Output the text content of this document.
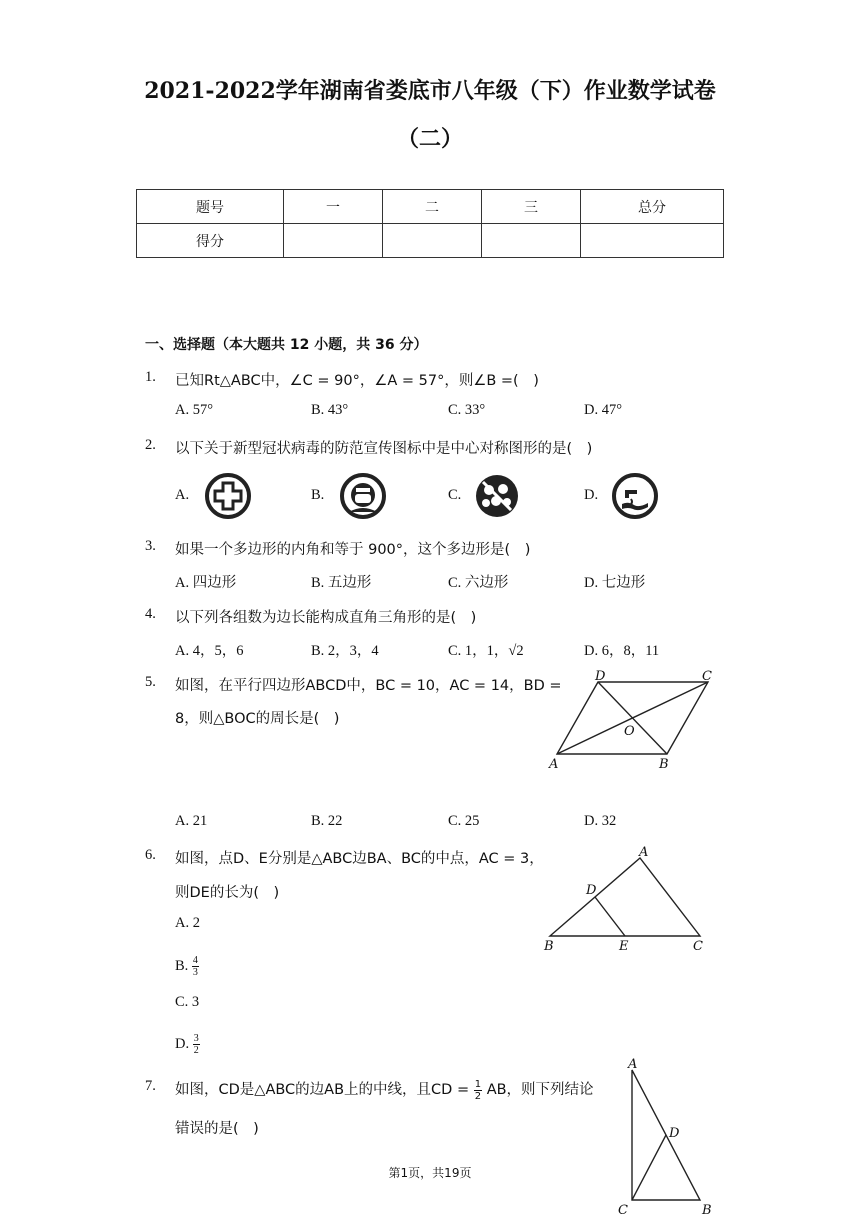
2021-2022学年湖南省娄底市八年级（下）作业数学试卷
（二）
题号	一	二	三	总分
得分				
一、选择题（本大题共 12 小题，共 36 分）
1. 已知Rt△ABC中，∠C = 90°，∠A = 57°，则∠B =(　)
A. 57°	B. 43°	C. 33°	D. 47°
2. 以下关于新型冠状病毒的防范宣传图标中是中心对称图形的是(　)
A.	B.	C.	D.
3. 如果一个多边形的内角和等于 900°，这个多边形是(　)
A. 四边形	B. 五边形	C. 六边形	D. 七边形
4. 以下列各组数为边长能构成直角三角形的是(　)
A. 4，5，6	B. 2，3，4	C. 1，1，√2	D. 6，8，11
5. 如图，在平行四边形ABCD中，BC = 10，AC = 14，BD =
8，则△BOC的周长是(　)
D	C
O
A	B
A. 21	B. 22	C. 25	D. 32
6. 如图，点D、E分别是△ABC边BA、BC的中点，AC = 3，
则DE的长为(　)
A
D
B	E	C
A. 2
B. $\frac{4}{3}$
C. 3
D. $\frac{3}{2}$
7. 如图，CD是△ABC的边AB上的中线，且CD = $\frac{1}{2}$ AB，则下列结论
错误的是(　)
A
D
C	B
第1页，共19页
